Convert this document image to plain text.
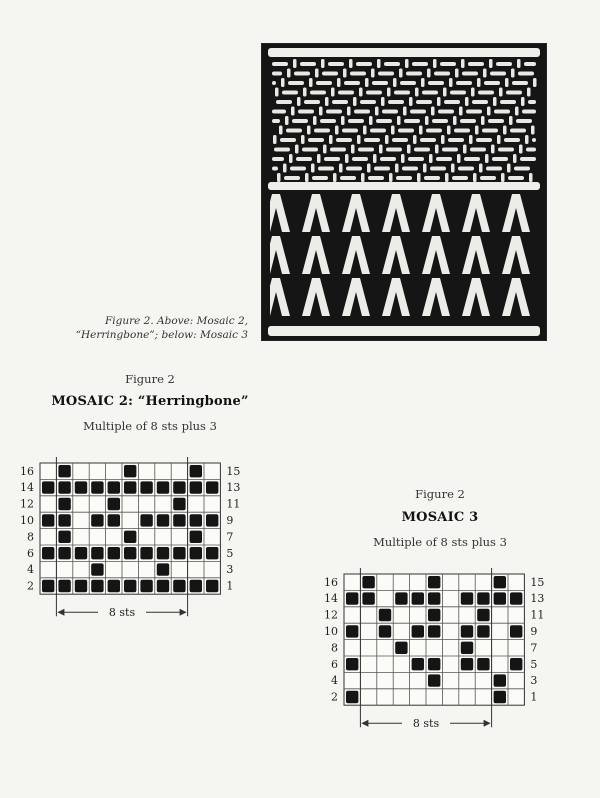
Figure 2. Above: Mosaic 2, “Herringbone”; below: Mosaic 3
Figure 2
MOSAIC 2: “Herringbone”
Multiple of 8 sts plus 3
16
14
12
10
8
6
4
2
15
13
11
9
7
5
3
1
8 sts
Figure 2
MOSAIC 3
Multiple of 8 sts plus 3
16
14
12
10
8
6
4
2
15
13
11
9
7
5
3
1
8 sts
